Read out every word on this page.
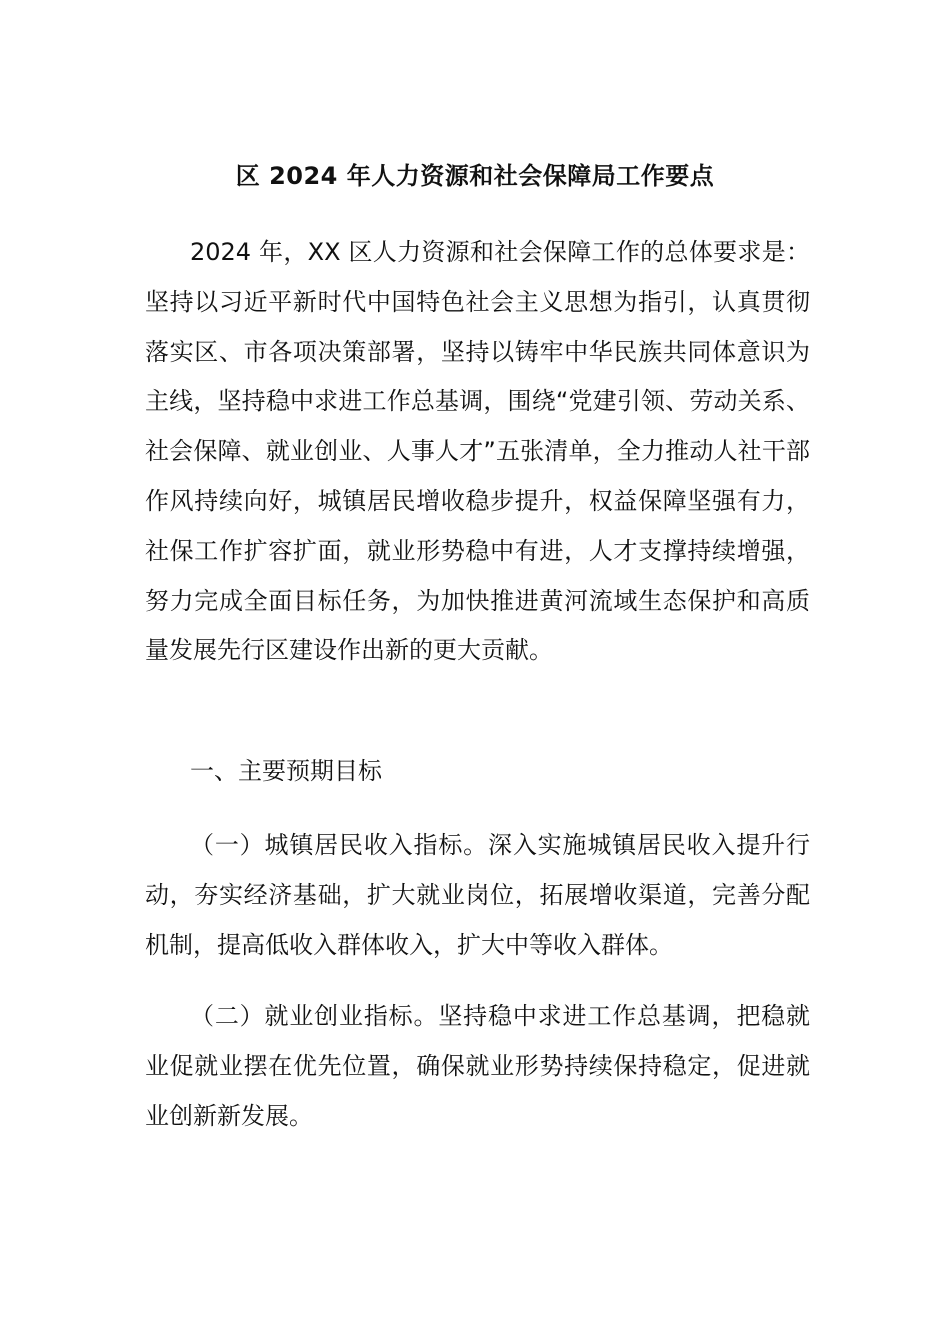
区 2024 年人力资源和社会保障局工作要点

2024 年，XX 区人力资源和社会保障工作的总体要求是：坚持以习近平新时代中国特色社会主义思想为指引，认真贯彻落实区、市各项决策部署，坚持以铸牢中华民族共同体意识为主线，坚持稳中求进工作总基调，围绕“党建引领、劳动关系、社会保障、就业创业、人事人才”五张清单，全力推动人社干部作风持续向好，城镇居民增收稳步提升，权益保障坚强有力，社保工作扩容扩面，就业形势稳中有进，人才支撑持续增强，努力完成全面目标任务，为加快推进黄河流域生态保护和高质量发展先行区建设作出新的更大贡献。

一、主要预期目标

（一）城镇居民收入指标。深入实施城镇居民收入提升行动，夯实经济基础，扩大就业岗位，拓展增收渠道，完善分配机制，提高低收入群体收入，扩大中等收入群体。

（二）就业创业指标。坚持稳中求进工作总基调，把稳就业促就业摆在优先位置，确保就业形势持续保持稳定，促进就业创新新发展。
